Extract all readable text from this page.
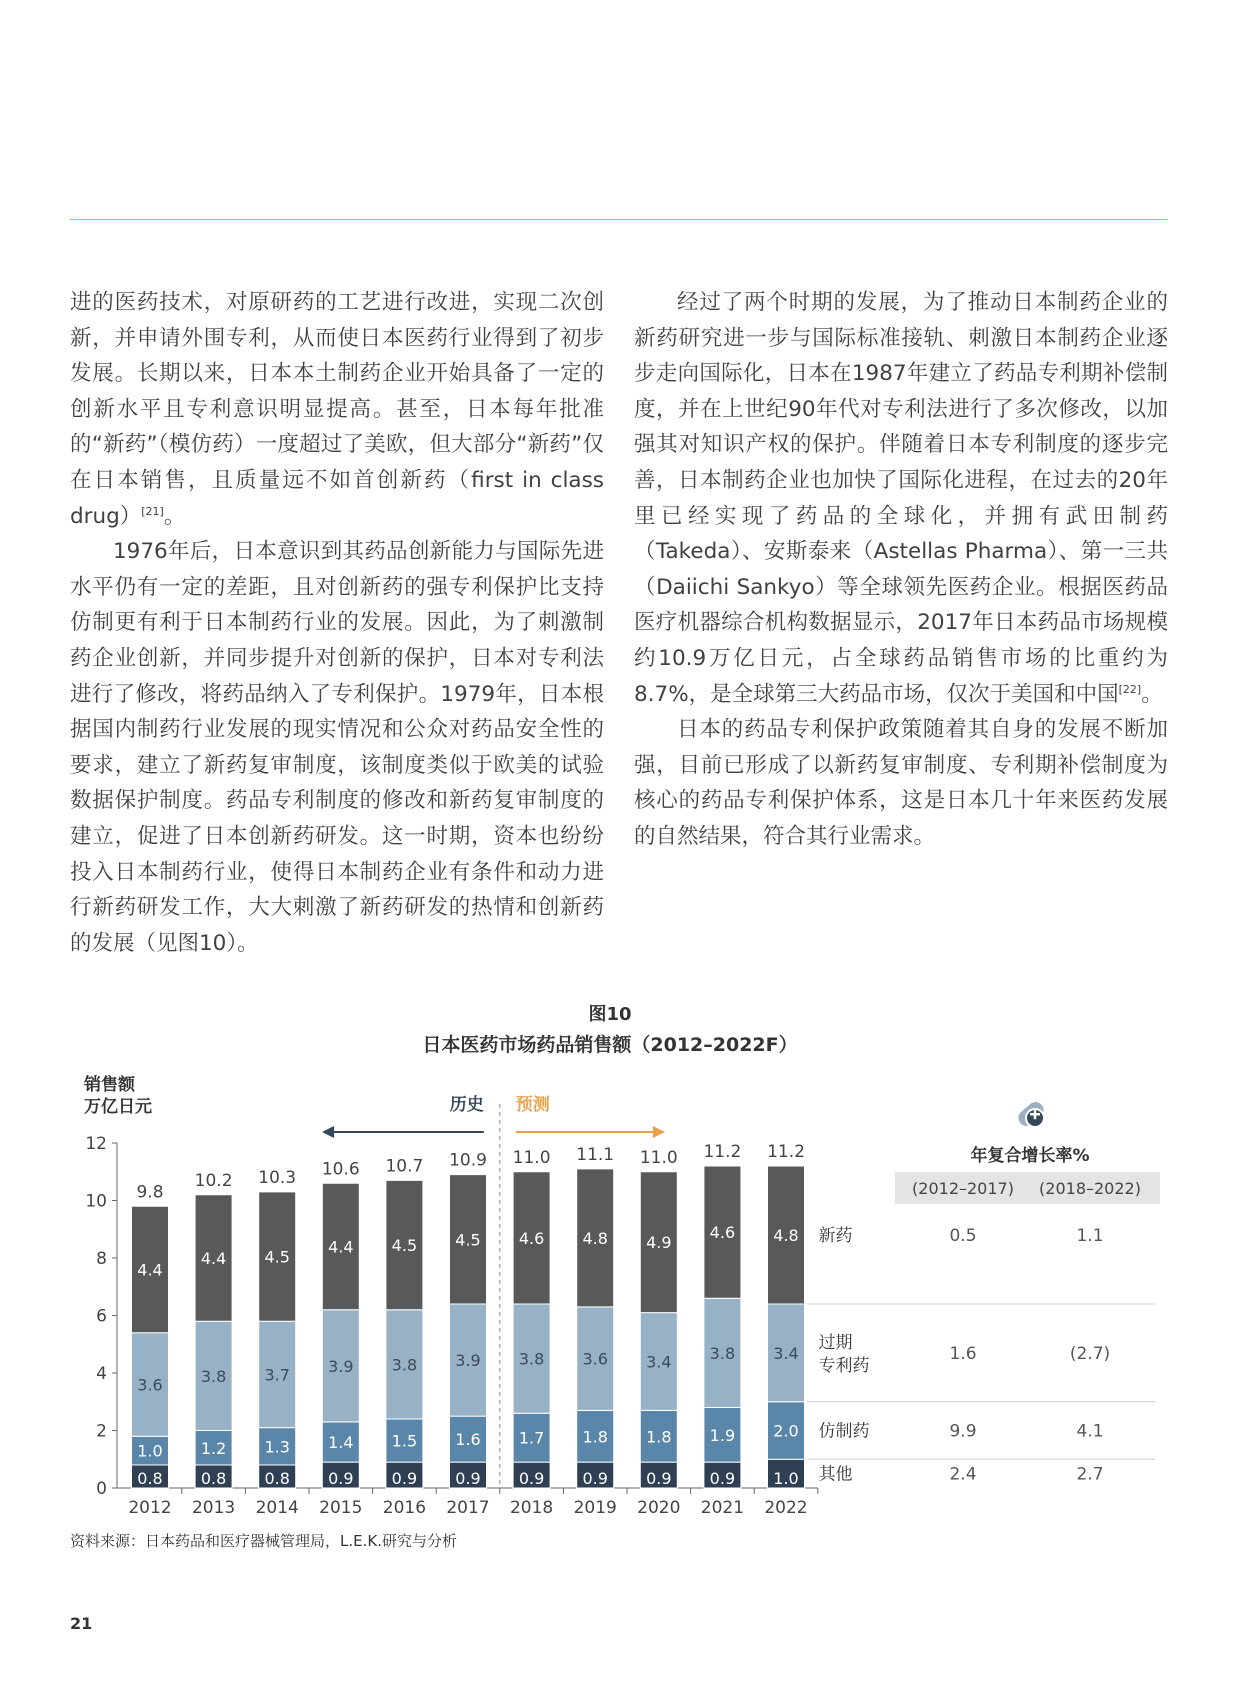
进的医药技术，对原研药的工艺进行改进，实现二次创新，并申请外围专利，从而使日本医药行业得到了初步发展。长期以来，日本本土制药企业开始具备了一定的创新水平且专利意识明显提高。甚至，日本每年批准的“新药”（模仿药）一度超过了美欧，但大部分“新药”仅在日本销售，且质量远不如首创新药（first in class drug）[21]。

1976年后，日本意识到其药品创新能力与国际先进水平仍有一定的差距，且对创新药的强专利保护比支持仿制更有利于日本制药行业的发展。因此，为了刺激制药企业创新，并同步提升对创新的保护，日本对专利法进行了修改，将药品纳入了专利保护。1979年，日本根据国内制药行业发展的现实情况和公众对药品安全性的要求，建立了新药复审制度，该制度类似于欧美的试验数据保护制度。药品专利制度的修改和新药复审制度的建立，促进了日本创新药研发。这一时期，资本也纷纷投入日本制药行业，使得日本制药企业有条件和动力进行新药研发工作，大大刺激了新药研发的热情和创新药的发展（见图10）。

经过了两个时期的发展，为了推动日本制药企业的新药研究进一步与国际标准接轨、刺激日本制药企业逐步走向国际化，日本在1987年建立了药品专利期补偿制度，并在上世纪90年代对专利法进行了多次修改，以加强其对知识产权的保护。伴随着日本专利制度的逐步完善，日本制药企业也加快了国际化进程，在过去的20年里已经实现了药品的全球化，并拥有武田制药（Takeda）、安斯泰来（Astellas Pharma）、第一三共（Daiichi Sankyo）等全球领先医药企业。根据医药品医疗机器综合机构数据显示，2017年日本药品市场规模约10.9万亿日元，占全球药品销售市场的比重约为8.7%，是全球第三大药品市场，仅次于美国和中国[22]。

日本的药品专利保护政策随着其自身的发展不断加强，目前已形成了以新药复审制度、专利期补偿制度为核心的药品专利保护体系，这是日本几十年来医药发展的自然结果，符合其行业需求。

图10
日本医药市场药品销售额（2012–2022F）
销售额
万亿日元
0
2
4
6
8
10
12
2012
0.8
1.0
3.6
4.4
9.8
2013
0.8
1.2
3.8
4.4
10.2
2014
0.8
1.3
3.7
4.5
10.3
2015
0.9
1.4
3.9
4.4
10.6
2016
0.9
1.5
3.8
4.5
10.7
2017
0.9
1.6
3.9
4.5
10.9
2018
0.9
1.7
3.8
4.6
11.0
2019
0.9
1.8
3.6
4.8
11.1
2020
0.9
1.8
3.4
4.9
11.0
2021
0.9
1.9
3.8
4.6
11.2
2022
1.0
2.0
3.4
4.8
11.2
历史 预测
年复合增长率%
(2012–2017) (2018–2022)
新药	0.5	1.1
过期
专利药
1.6	(2.7)
仿制药	9.9	4.1
其他	2.4	2.7
资料来源：日本药品和医疗器械管理局，L.E.K.研究与分析
21
